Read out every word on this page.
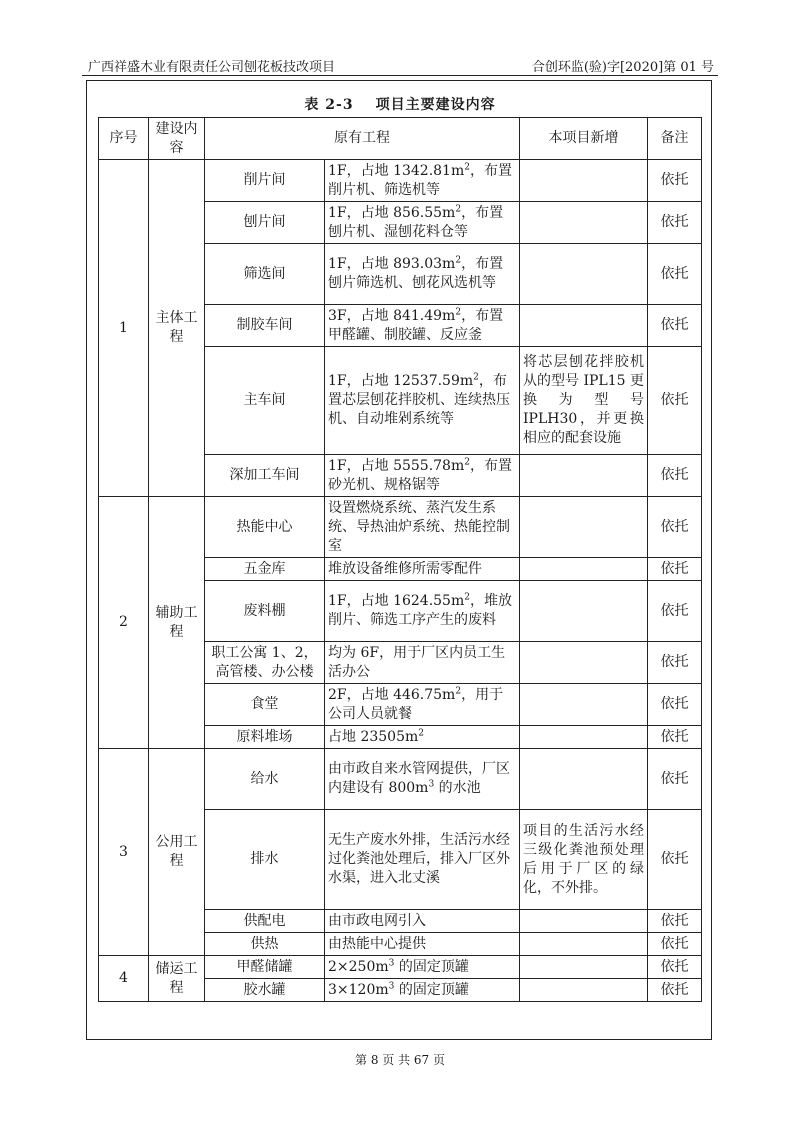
广西祥盛木业有限责任公司刨花板技改项目	合创环监(验)字[2020]第 01 号
表 2-3 项目主要建设内容
序号	建设内容	原有工程		本项目新增	备注
1	主体工程	削片间	1F，占地 $1342.81m^2$，布置削片机、筛选机等		依托
		刨片间	1F，占地 $856.55m^2$，布置刨片机、湿刨花料仓等		依托
		筛选间	1F，占地 $893.03m^2$，布置刨片筛选机、刨花风选机等		依托
		制胶车间	3F，占地 $841.49m^2$，布置甲醛罐、制胶罐、反应釜		依托
		主车间	1F，占地 $12537.59m^2$，布置芯层刨花拌胶机、连续热压机、自动堆剁系统等	将芯层刨花拌胶机从的型号 IPL15 更换为型号 IPLH30，并更换相应的配套设施	依托
		深加工车间	1F，占地 $5555.78m^2$，布置砂光机、规格锯等		依托
2	辅助工程	热能中心	设置燃烧系统、蒸汽发生系统、导热油炉系统、热能控制室		依托
		五金库	堆放设备维修所需零配件		依托
		废料棚	1F，占地 $1624.55m^2$，堆放削片、筛选工序产生的废料		依托
		职工公寓 1、2，高管楼、办公楼	均为 6F，用于厂区内员工生活办公		依托
		食堂	2F，占地 $446.75m^2$，用于公司人员就餐		依托
		原料堆场	占地 $23505m^2$		依托
3	公用工程	给水	由市政自来水管网提供，厂区内建设有 $800m^3$ 的水池		依托
		排水	无生产废水外排，生活污水经过化粪池处理后，排入厂区外水渠，进入北丈溪	项目的生活污水经三级化粪池预处理后用于厂区的绿化，不外排。	依托
		供配电	由市政电网引入		依托
		供热	由热能中心提供		依托
4	储运工程	甲醛储罐	$2\times 250m^3$ 的固定顶罐		依托
		胶水罐	$3\times 120m^3$ 的固定顶罐		依托
第 8 页 共 67 页
